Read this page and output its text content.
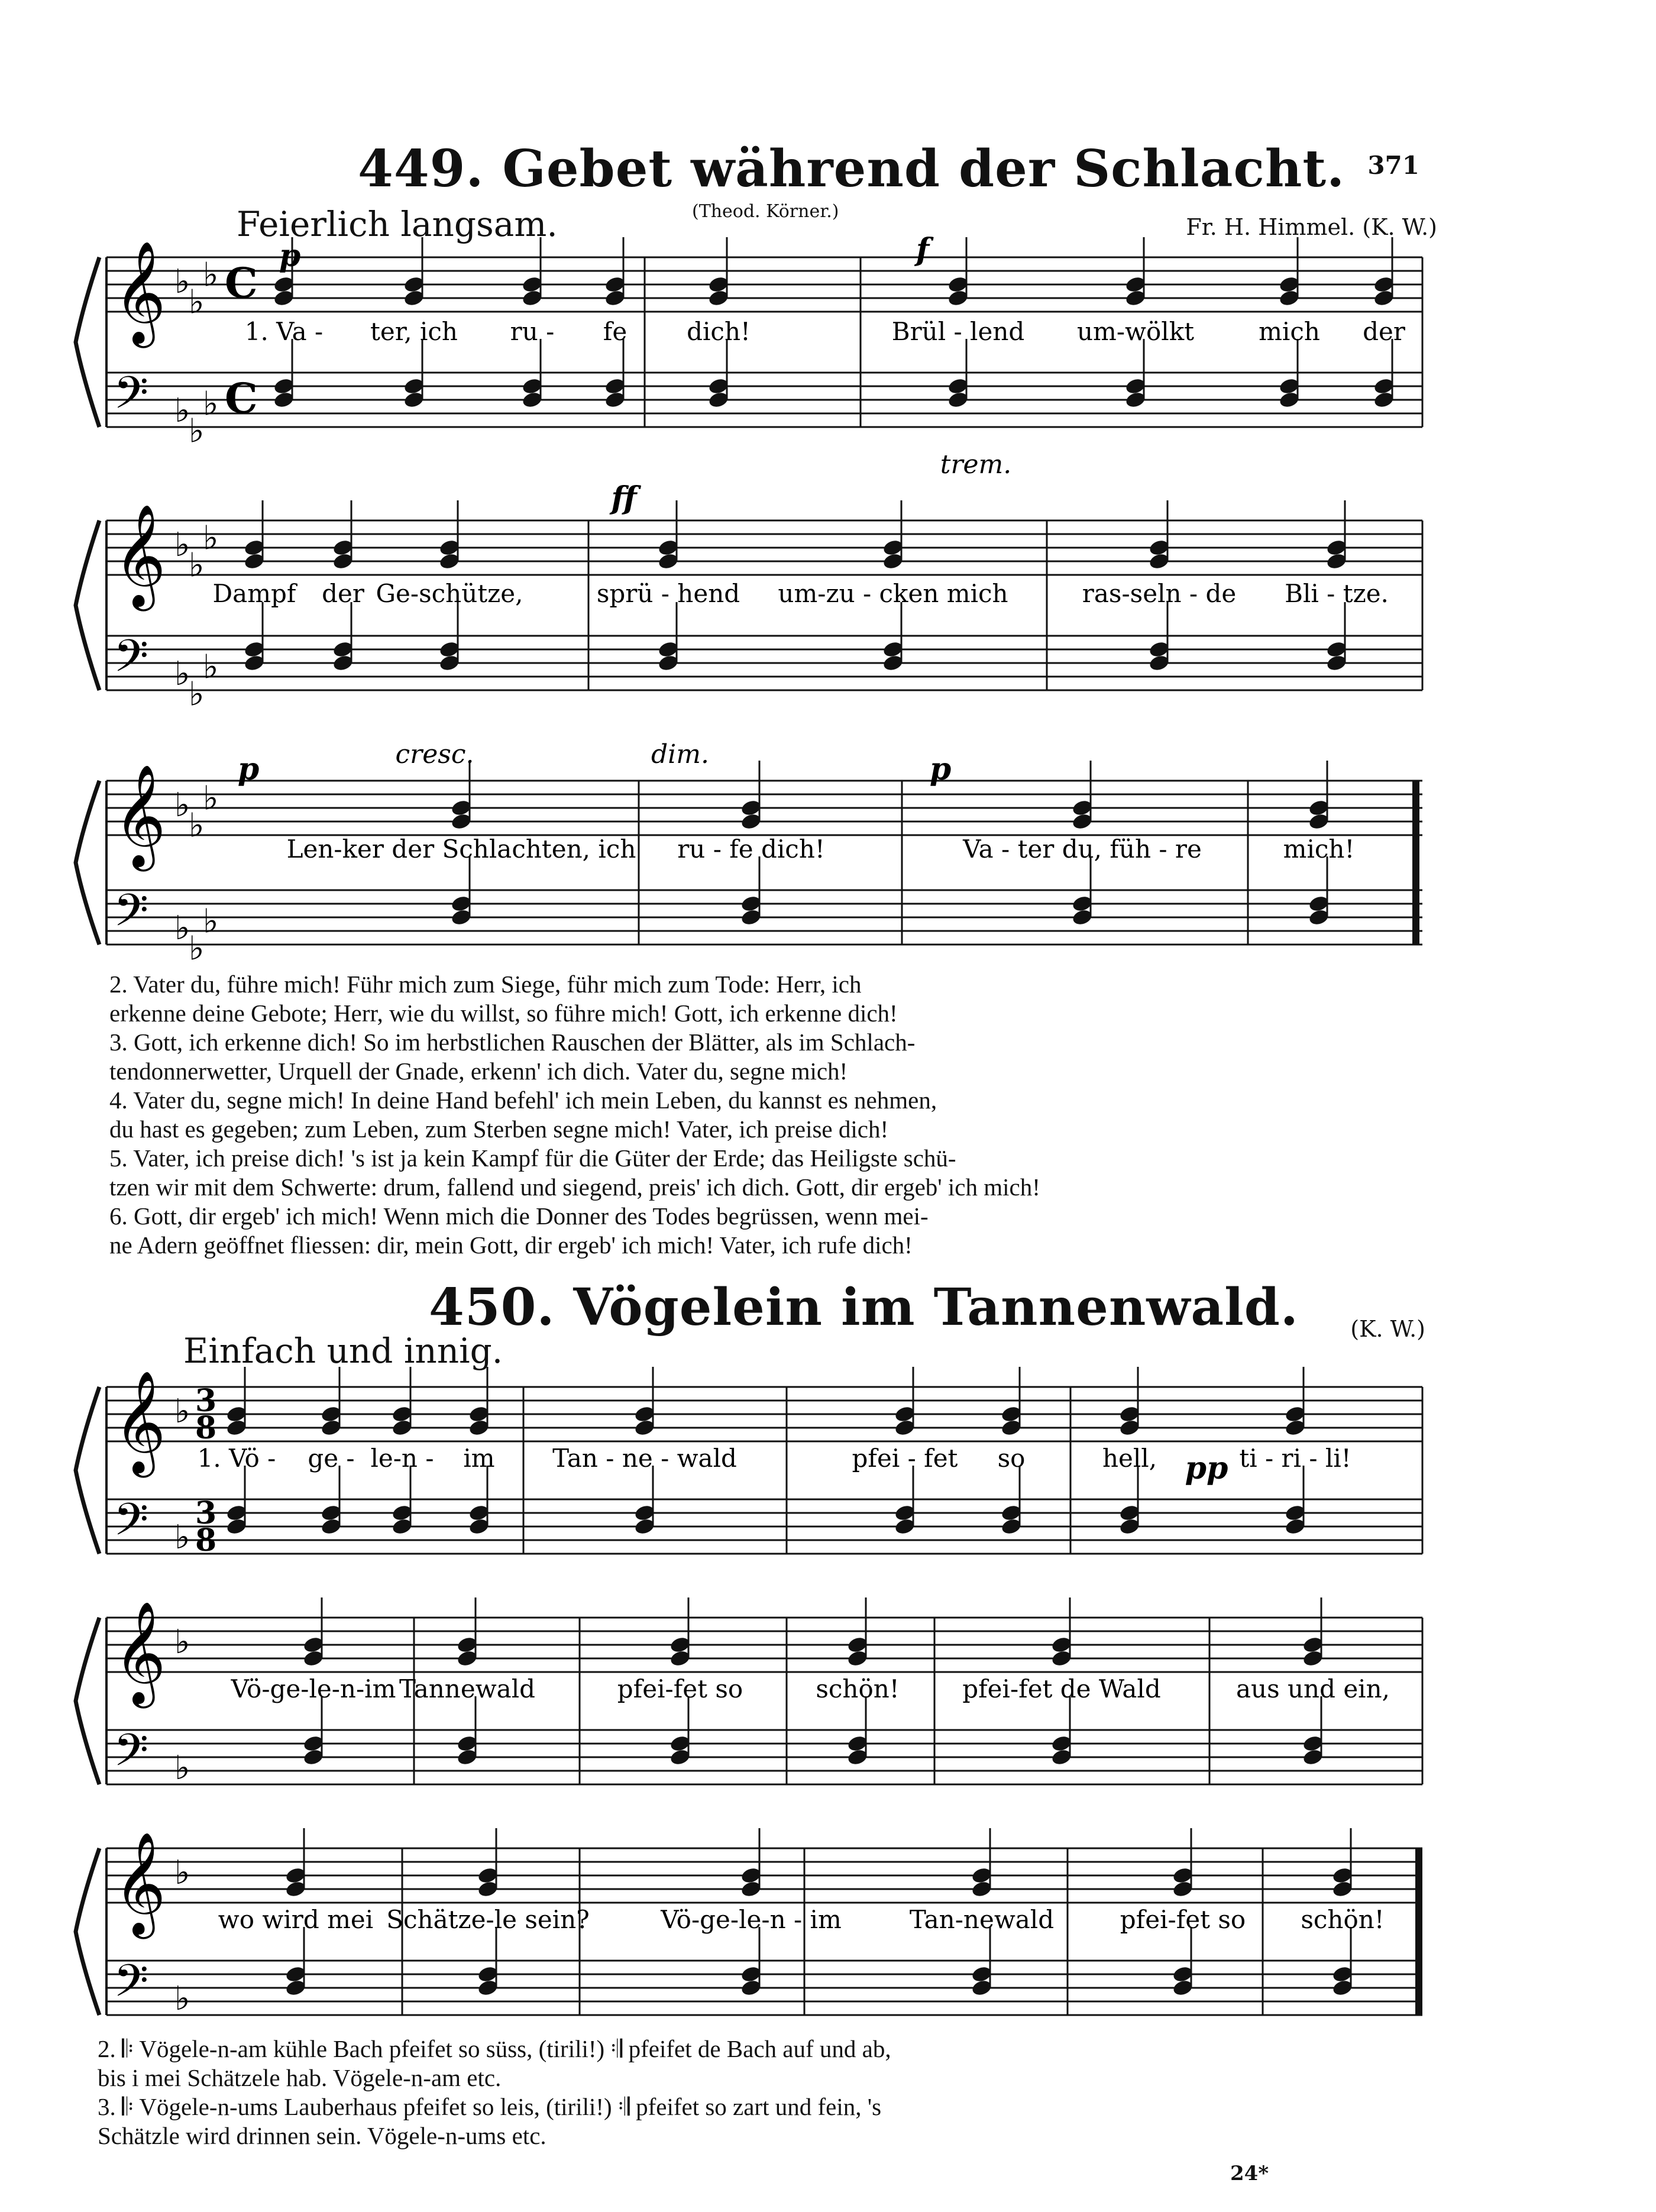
371
449. Gebet während der Schlacht.
Feierlich langsam.	(Theod. Körner.)
Fr. H. Himmel. (K. W.)
𝄞
𝄢
♭
♭
♭
♭
♭
♭
C
C
p	f
trem.
1. Va - ter, ich ru - fe dich!	Brül - lend um-wölkt	mich der
𝄞
𝄢
♭
♭
♭
♭
♭
♭
ff
Dampf der Ge-schütze,	sprü - hend um-zu - cken mich	ras-seln - de Bli - tze.
𝄞
𝄢
♭
♭
♭
♭
♭
♭
p	p
cresc.	dim.
Len-ker der Schlachten, ich ru - fe dich!	Va - ter du, füh - re	mich!
2. Vater du, führe mich! Führ mich zum Siege, führ mich zum Tode: Herr, ich
erkenne deine Gebote; Herr, wie du willst, so führe mich! Gott, ich erkenne dich!
3. Gott, ich erkenne dich! So im herbstlichen Rauschen der Blätter, als im Schlach-
tendonnerwetter, Urquell der Gnade, erkenn' ich dich. Vater du, segne mich!
4. Vater du, segne mich! In deine Hand befehl' ich mein Leben, du kannst es nehmen,
du hast es gegeben; zum Leben, zum Sterben segne mich! Vater, ich preise dich!
5. Vater, ich preise dich! 's ist ja kein Kampf für die Güter der Erde; das Heiligste schü-
tzen wir mit dem Schwerte: drum, fallend und siegend, preis' ich dich. Gott, dir ergeb' ich mich!
6. Gott, dir ergeb' ich mich! Wenn mich die Donner des Todes begrüssen, wenn mei-
ne Adern geöffnet fliessen: dir, mein Gott, dir ergeb' ich mich! Vater, ich rufe dich!
450. Vögelein im Tannenwald. (K. W.)
Einfach und innig.
𝄞
𝄢
♭
♭
3
8
3
8
pp
1. Vö - ge - le-n - im Tan - ne - wald	pfei - fet so	hell,	ti - ri - li!
𝄞
𝄢
♭
♭
Vö-ge-le-n-im Tannewald	pfei-fet so	schön!	pfei-fet de Wald	aus und ein,
𝄞
𝄢
♭
♭
wo wird mei Schätze-le sein?	Vö-ge-le-n - im	Tan-newald	pfei-fet so schön!
2. 𝄆 Vögele-n-am kühle Bach pfeifet so süss, (tirili!) 𝄇 pfeifet de Bach auf und ab,
bis i mei Schätzele hab. Vögele-n-am etc.
3. 𝄆 Vögele-n-ums Lauberhaus pfeifet so leis, (tirili!) 𝄇 pfeifet so zart und fein, 's
Schätzle wird drinnen sein. Vögele-n-ums etc.
24*
